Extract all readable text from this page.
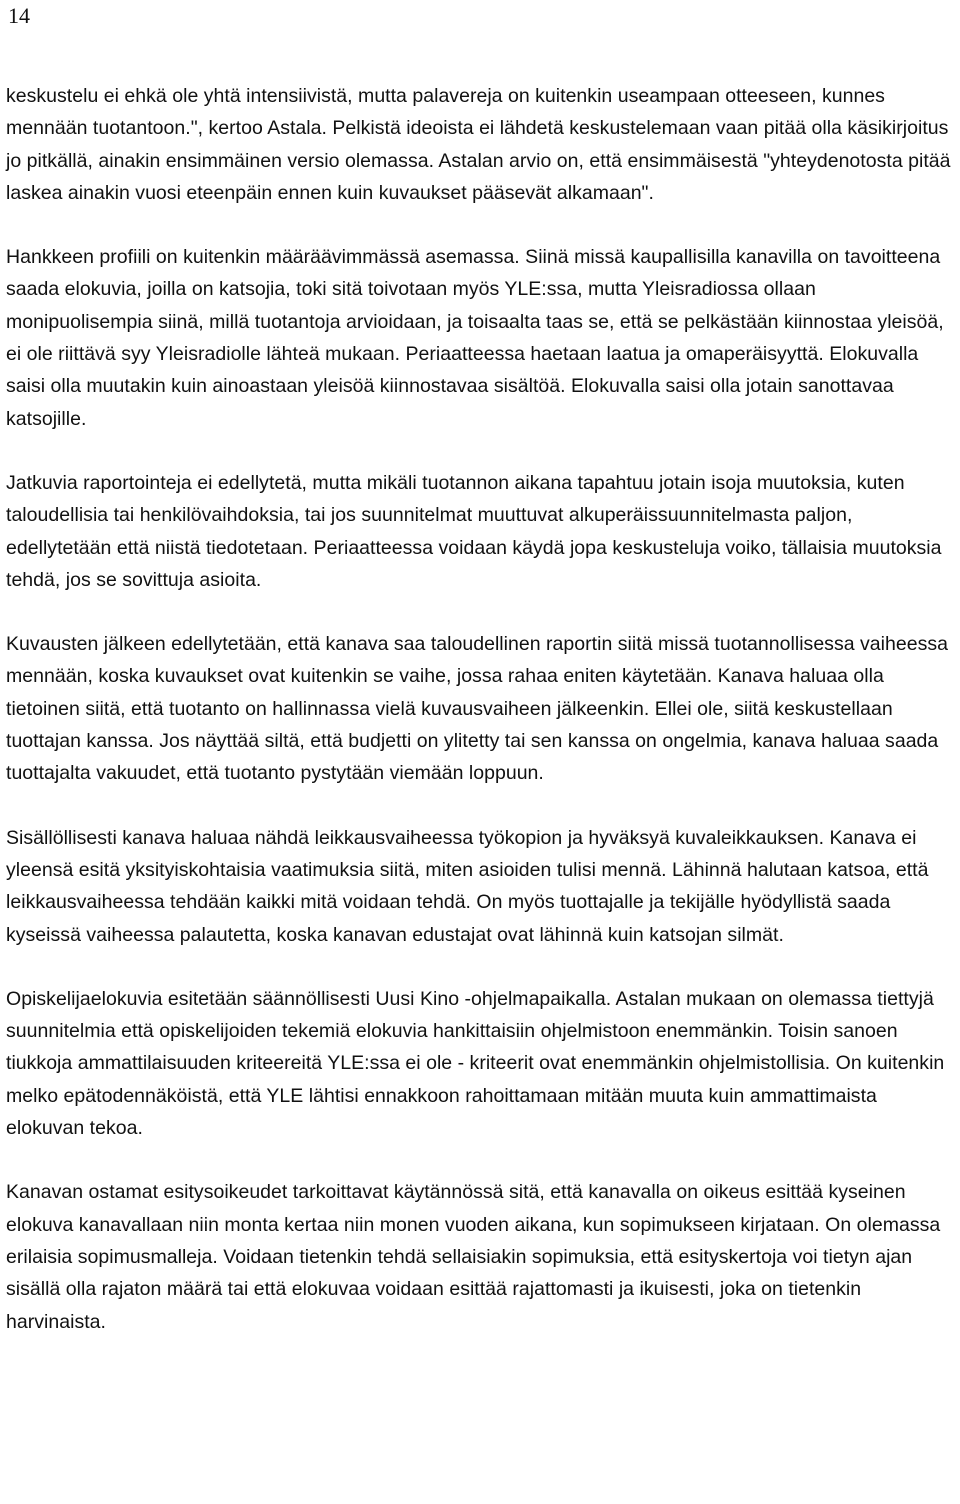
14

keskustelu ei ehkä ole yhtä intensiivistä, mutta palavereja on kuitenkin useampaan otteeseen, kunnes mennään tuotantoon.", kertoo Astala. Pelkistä ideoista ei lähdetä keskustelemaan vaan pitää olla käsikirjoitus jo pitkällä, ainakin ensimmäinen versio olemassa. Astalan arvio on, että ensimmäisestä "yhteydenotosta pitää laskea ainakin vuosi eteenpäin ennen kuin kuvaukset pääsevät alkamaan".

Hankkeen profiili on kuitenkin määräävimmässä asemassa. Siinä missä kaupallisilla kanavilla on tavoitteena saada elokuvia, joilla on katsojia, toki sitä toivotaan myös YLE:ssa, mutta Yleisradiossa ollaan monipuolisempia siinä, millä tuotantoja arvioidaan, ja toisaalta taas se, että se pelkästään kiinnostaa yleisöä, ei ole riittävä syy Yleisradiolle lähteä mukaan. Periaatteessa haetaan laatua ja omaperäisyyttä. Elokuvalla saisi olla muutakin kuin ainoastaan yleisöä kiinnostavaa sisältöä. Elokuvalla saisi olla jotain sanottavaa katsojille.

Jatkuvia raportointeja ei edellytetä, mutta mikäli tuotannon aikana tapahtuu jotain isoja muutoksia, kuten taloudellisia tai henkilövaihdoksia, tai jos suunnitelmat muuttuvat alkuperäissuunnitelmasta paljon, edellytetään että niistä tiedotetaan. Periaatteessa voidaan käydä jopa keskusteluja voiko, tällaisia muutoksia tehdä, jos se sovittuja asioita.

Kuvausten jälkeen edellytetään, että kanava saa taloudellinen raportin siitä missä tuotannollisessa vaiheessa mennään, koska kuvaukset ovat kuitenkin se vaihe, jossa rahaa eniten käytetään. Kanava haluaa olla tietoinen siitä, että tuotanto on hallinnassa vielä kuvausvaiheen jälkeenkin. Ellei ole, siitä keskustellaan tuottajan kanssa. Jos näyttää siltä, että budjetti on ylitetty tai sen kanssa on ongelmia, kanava haluaa saada tuottajalta vakuudet, että tuotanto pystytään viemään loppuun.

Sisällöllisesti kanava haluaa nähdä leikkausvaiheessa työkopion ja hyväksyä kuvaleikkauksen. Kanava ei yleensä esitä yksityiskohtaisia vaatimuksia siitä, miten asioiden tulisi mennä. Lähinnä halutaan katsoa, että leikkausvaiheessa tehdään kaikki mitä voidaan tehdä. On myös tuottajalle ja tekijälle hyödyllistä saada kyseissä vaiheessa palautetta, koska kanavan edustajat ovat lähinnä kuin katsojan silmät.

Opiskelijaelokuvia esitetään säännöllisesti Uusi Kino -ohjelmapaikalla. Astalan mukaan on olemassa tiettyjä suunnitelmia että opiskelijoiden tekemiä elokuvia hankittaisiin ohjelmistoon enemmänkin. Toisin sanoen tiukkoja ammattilaisuuden kriteereitä YLE:ssa ei ole - kriteerit ovat enemmänkin ohjelmistollisia. On kuitenkin melko epätodennäköistä, että YLE lähtisi ennakkoon rahoittamaan mitään muuta kuin ammattimaista elokuvan tekoa.

Kanavan ostamat esitysoikeudet tarkoittavat käytännössä sitä, että kanavalla on oikeus esittää kyseinen elokuva kanavallaan niin monta kertaa niin monen vuoden aikana, kun sopimukseen kirjataan. On olemassa erilaisia sopimusmalleja. Voidaan tietenkin tehdä sellaisiakin sopimuksia, että esityskertoja voi tietyn ajan sisällä olla rajaton määrä tai että elokuvaa voidaan esittää rajattomasti ja ikuisesti, joka on tietenkin harvinaista.
